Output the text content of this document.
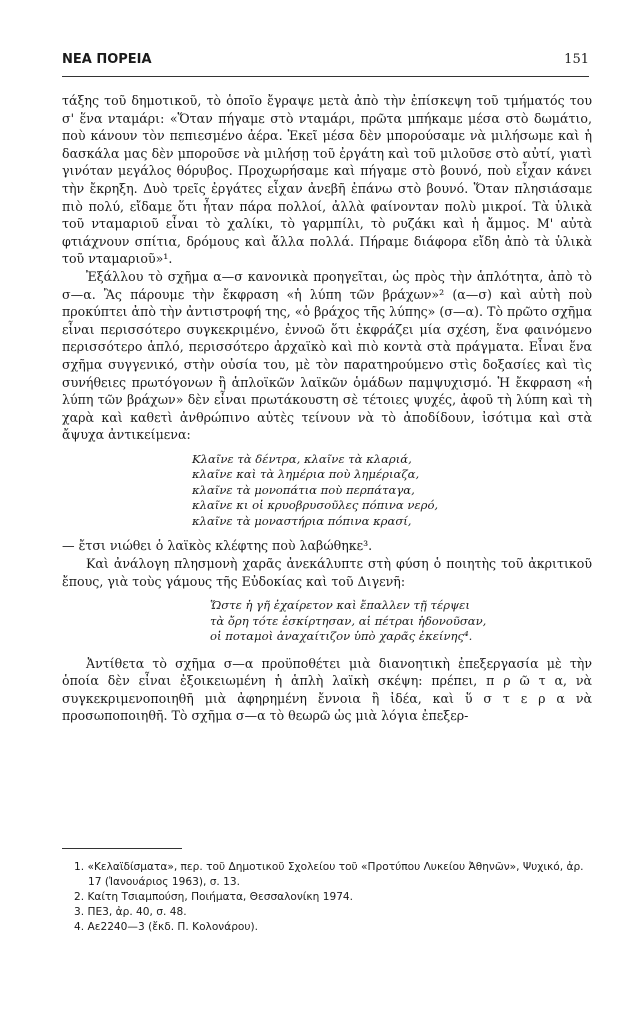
ΝΕΑ ΠΟΡΕΙΑ	151

τάξης τοῦ δημοτικοῦ, τὸ ὁποῖο ἔγραψε μετὰ ἀπὸ τὴν ἐπίσκεψη τοῦ τμήματός του σ' ἕνα νταμάρι: «Ὅταν πήγαμε στὸ νταμάρι, πρῶτα μπήκαμε μέσα στὸ δωμάτιο, ποὺ κάνουν τὸν πεπιεσμένο ἀέρα. Ἐκεῖ μέσα δὲν μπορούσαμε νὰ μιλήσωμε καὶ ἡ δασκάλα μας δὲν μποροῦσε νὰ μιλήσῃ τοῦ ἐργάτη καὶ τοῦ μιλοῦσε στὸ αὐτί, γιατὶ γινόταν μεγάλος θόρυβος. Προχωρήσαμε καὶ πήγαμε στὸ βουνό, ποὺ εἶχαν κάνει τὴν ἔκρηξη. Δυὸ τρεῖς ἐργάτες εἶχαν ἀνεβῆ ἐπάνω στὸ βουνό. Ὅταν πλησιάσαμε πιὸ πολύ, εἴδαμε ὅτι ἦταν πάρα πολλοί, ἀλλὰ φαίνονταν πολὺ μικροί. Τὰ ὑλικὰ τοῦ νταμαριοῦ εἶναι τὸ χαλίκι, τὸ γαρμπίλι, τὸ ρυζάκι καὶ ἡ ἄμμος. Μ' αὐτὰ φτιάχνουν σπίτια, δρόμους καὶ ἄλλα πολλά. Πήραμε διάφορα εἴδη ἀπὸ τὰ ὑλικὰ τοῦ νταμαριοῦ»¹.

Ἐξάλλου τὸ σχῆμα α—σ κανονικὰ προηγεῖται, ὡς πρὸς τὴν ἁπλότητα, ἀπὸ τὸ σ—α. Ἂς πάρουμε τὴν ἔκφραση «ἡ λύπη τῶν βράχων»² (α—σ) καὶ αὐτὴ ποὺ προκύπτει ἀπὸ τὴν ἀντιστροφή της, «ὁ βράχος τῆς λύπης» (σ—α). Τὸ πρῶτο σχῆμα εἶναι περισσότερο συγκεκριμένο, ἐννοῶ ὅτι ἐκφράζει μία σχέση, ἕνα φαινόμενο περισσότερο ἁπλό, περισσότερο ἀρχαϊκὸ καὶ πιὸ κοντὰ στὰ πράγματα. Εἶναι ἕνα σχῆμα συγγενικό, στὴν οὐσία του, μὲ τὸν παρατηρούμενο στὶς δοξασίες καὶ τὶς συνήθειες πρωτόγονων ἢ ἁπλοϊκῶν λαϊκῶν ὁμάδων παμψυχισμό. Ἡ ἔκφραση «ἡ λύπη τῶν βράχων» δὲν εἶναι πρωτάκουστη σὲ τέτοιες ψυχές, ἀφοῦ τὴ λύπη καὶ τὴ χαρὰ καὶ καθετὶ ἀνθρώπινο αὐτὲς τείνουν νὰ τὸ ἀποδίδουν, ἰσότιμα καὶ στὰ ἄψυχα ἀντικείμενα:

Κλαῖνε τὰ δέντρα, κλαῖνε τὰ κλαριά,
κλαῖνε καὶ τὰ λημέρια ποὺ λημέριαζα,
κλαῖνε τὰ μονοπάτια ποὺ περπάταγα,
κλαῖνε κι οἱ κρυοβρυσοῦλες πόπινα νερό,
κλαῖνε τὰ μοναστήρια πόπινα κρασί,

— ἔτσι νιώθει ὁ λαϊκὸς κλέφτης ποὺ λαβώθηκε³.

Καὶ ἀνάλογη πλησμονὴ χαρᾶς ἀνεκάλυπτε στὴ φύση ὁ ποιητὴς τοῦ ἀκριτικοῦ ἔπους, γιὰ τοὺς γάμους τῆς Εὐδοκίας καὶ τοῦ Διγενῆ:

Ὥστε ἡ γῆ ἐχαίρετον καὶ ἔπαλλεν τῇ τέρψει
τὰ ὄρη τότε ἐσκίρτησαν, αἱ πέτραι ἠδονοῦσαν,
οἱ ποταμοὶ ἀναχαίτιζον ὑπὸ χαρᾶς ἐκείνης⁴.

Ἀντίθετα τὸ σχῆμα σ—α προϋποθέτει μιὰ διανοητικὴ ἐπεξεργασία μὲ τὴν ὁποία δὲν εἶναι ἐξοικειωμένη ἡ ἁπλὴ λαϊκὴ σκέψη: πρέπει, π ρ ῶ τ α, νὰ συγκεκριμενοποιηθῆ μιὰ ἀφηρημένη ἔννοια ἢ ἰδέα, καὶ ὕ σ τ ε ρ α νὰ προσωποποιηθῆ. Τὸ σχῆμα σ—α τὸ θεωρῶ ὡς μιὰ λόγια ἐπεξερ-

1. «Κελαϊδίσματα», περ. τοῦ Δημοτικοῦ Σχολείου τοῦ «Προτύπου Λυκείου Ἀθηνῶν», Ψυχικό, ἀρ. 17 (Ἰανουάριος 1963), σ. 13.
2. Καίτη Τσιαμπούση, Ποιήματα, Θεσσαλονίκη 1974.
3. ΠΕ3, ἀρ. 40, σ. 48.
4. Αε2240—3 (ἔκδ. Π. Κολονάρου).
